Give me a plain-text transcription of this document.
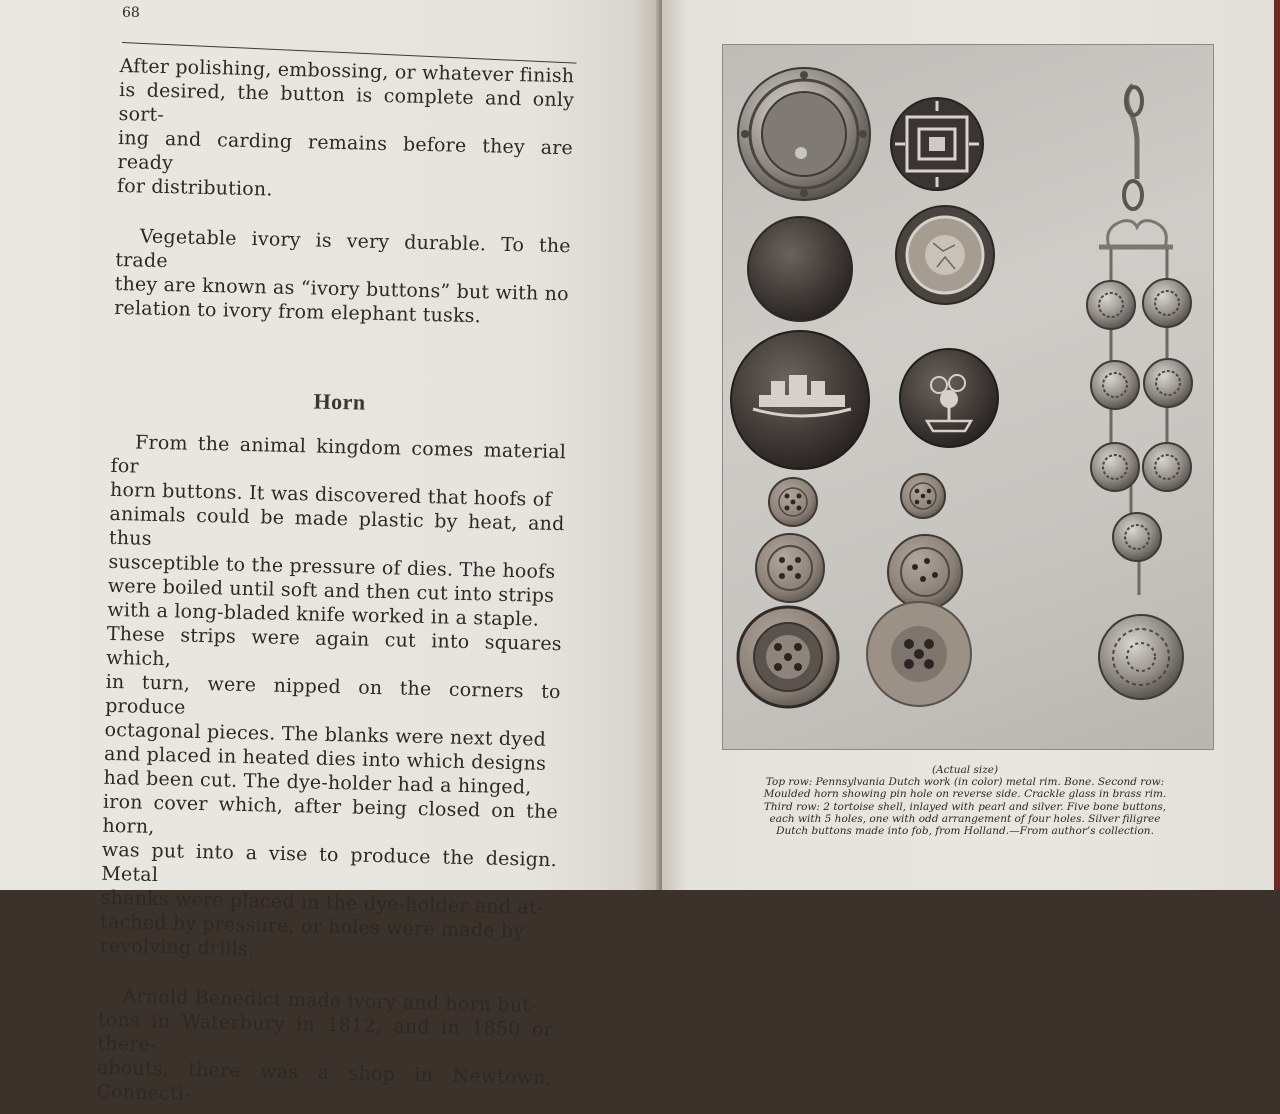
68

After polishing, embossing, or whatever finish

is desired, the button is complete and only sort-

ing and carding remains before they are ready

for distribution.

Vegetable ivory is very durable. To the trade

they are known as “ivory buttons” but with no

relation to ivory from elephant tusks.

Horn

From the animal kingdom comes material for

horn buttons. It was discovered that hoofs of

animals could be made plastic by heat, and thus

susceptible to the pressure of dies. The hoofs

were boiled until soft and then cut into strips

with a long-bladed knife worked in a staple.

These strips were again cut into squares which,

in turn, were nipped on the corners to produce

octagonal pieces. The blanks were next dyed

and placed in heated dies into which designs

had been cut. The dye-holder had a hinged,

iron cover which, after being closed on the horn,

was put into a vise to produce the design. Metal

shanks were placed in the dye-holder and at-

tached by pressure, or holes were made by

revolving drills.

Arnold Benedict made ivory and horn but-

tons in Waterbury in 1812, and in 1850 or there-

abouts, there was a shop in Newtown, Connecti-

(Actual size)
Top row: Pennsylvania Dutch work (in color) metal rim. Bone. Second row:
Moulded horn showing pin hole on reverse side. Crackle glass in brass rim.
Third row: 2 tortoise shell, inlayed with pearl and silver. Five bone buttons,
each with 5 holes, one with odd arrangement of four holes. Silver filigree
Dutch buttons made into fob, from Holland.—From author’s collection.
